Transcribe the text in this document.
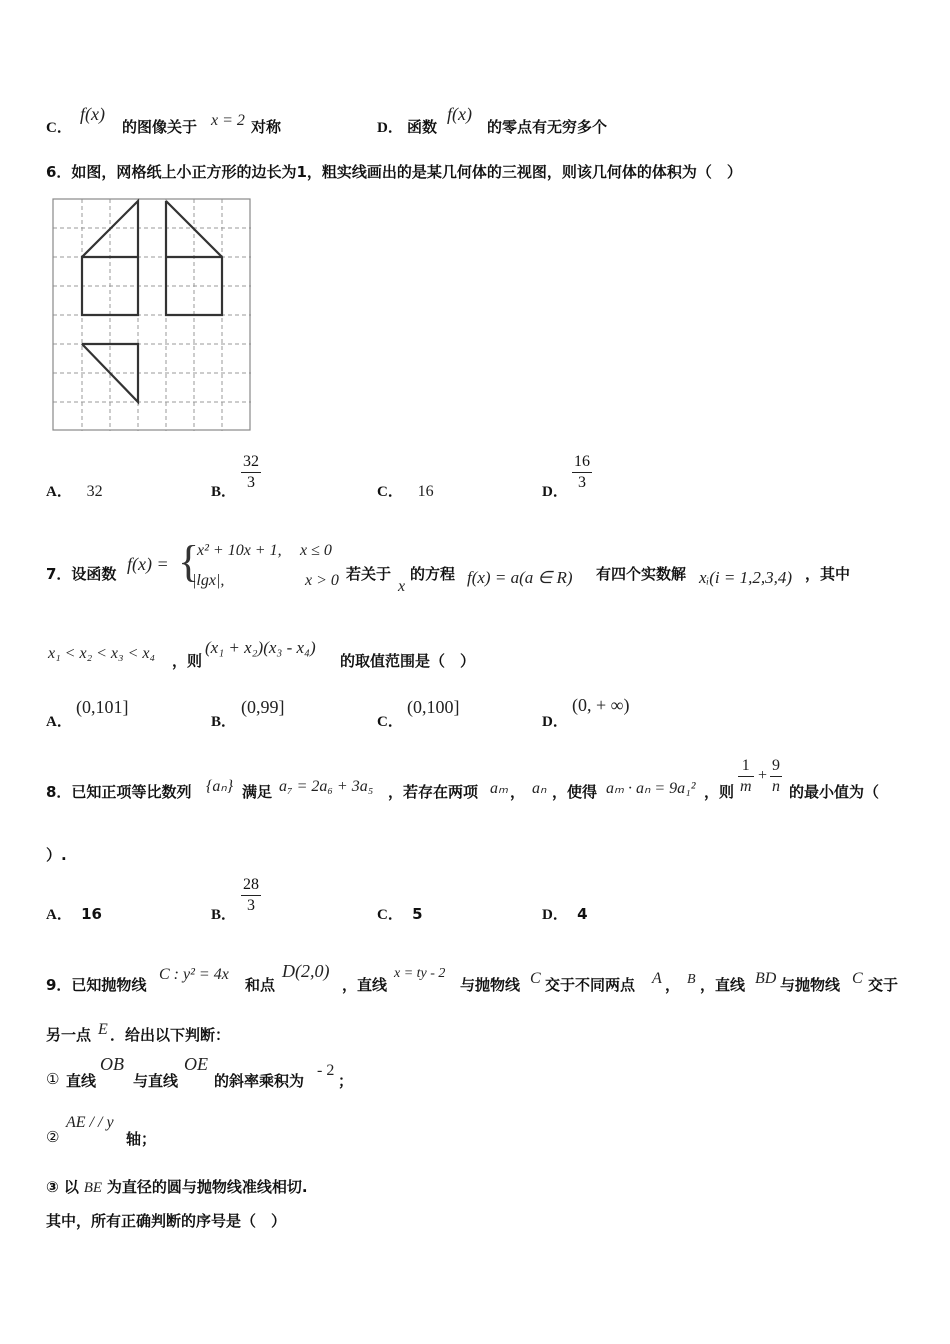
C．
f(x)
的图像关于 x = 2 对称	D． 函数
f(x)
的零点有无穷多个
6．如图，网格纸上小正方形的边长为1，粗实线画出的是某几何体的三视图，则该几何体的体积为（　）
A． 32	B． $\frac{32}{3}$	C． 16	D． $\frac{16}{3}$
7．设函数 f(x) = {
x² + 10x + 1, x ≤ 0
|lgx|,	x > 0 若关于
x
的方程 f(x) = a(a ∈ R) 有四个实数解 xᵢ(i = 1,2,3,4) ，其中
x₁ < x₂ < x₃ < x₄ ，则
(x₁ + x₂)(x₃ - x₄)
的取值范围是（　）
A．
(0,101]
B．
(0,99]
C．
(0,100]
D．
(0, + ∞)
8．已知正项等比数列 {aₙ} 满足 a₇ = 2a₆ + 3a₅ ，若存在两项 aₘ ， aₙ ，使得 aₘ · aₙ = 9a₁² ，则 $\frac{1}{m} + \frac{9}{n}$ 的最小值为（
）.
A． 16	B． $\frac{28}{3}$	C． 5	D． 4
9．已知抛物线
C : y² = 4x
和点
D(2,0)
，直线
x = ty - 2
与抛物线 C 交于不同两点 A ， B ，直线 BD 与抛物线 C 交于
另一点 E ．给出以下判断：
① 直线
OB
与直线
OE
的斜率乘积为
- 2
；
②
AE / / y
轴；
③ 以 BE 为直径的圆与抛物线准线相切.
其中，所有正确判断的序号是（　）
